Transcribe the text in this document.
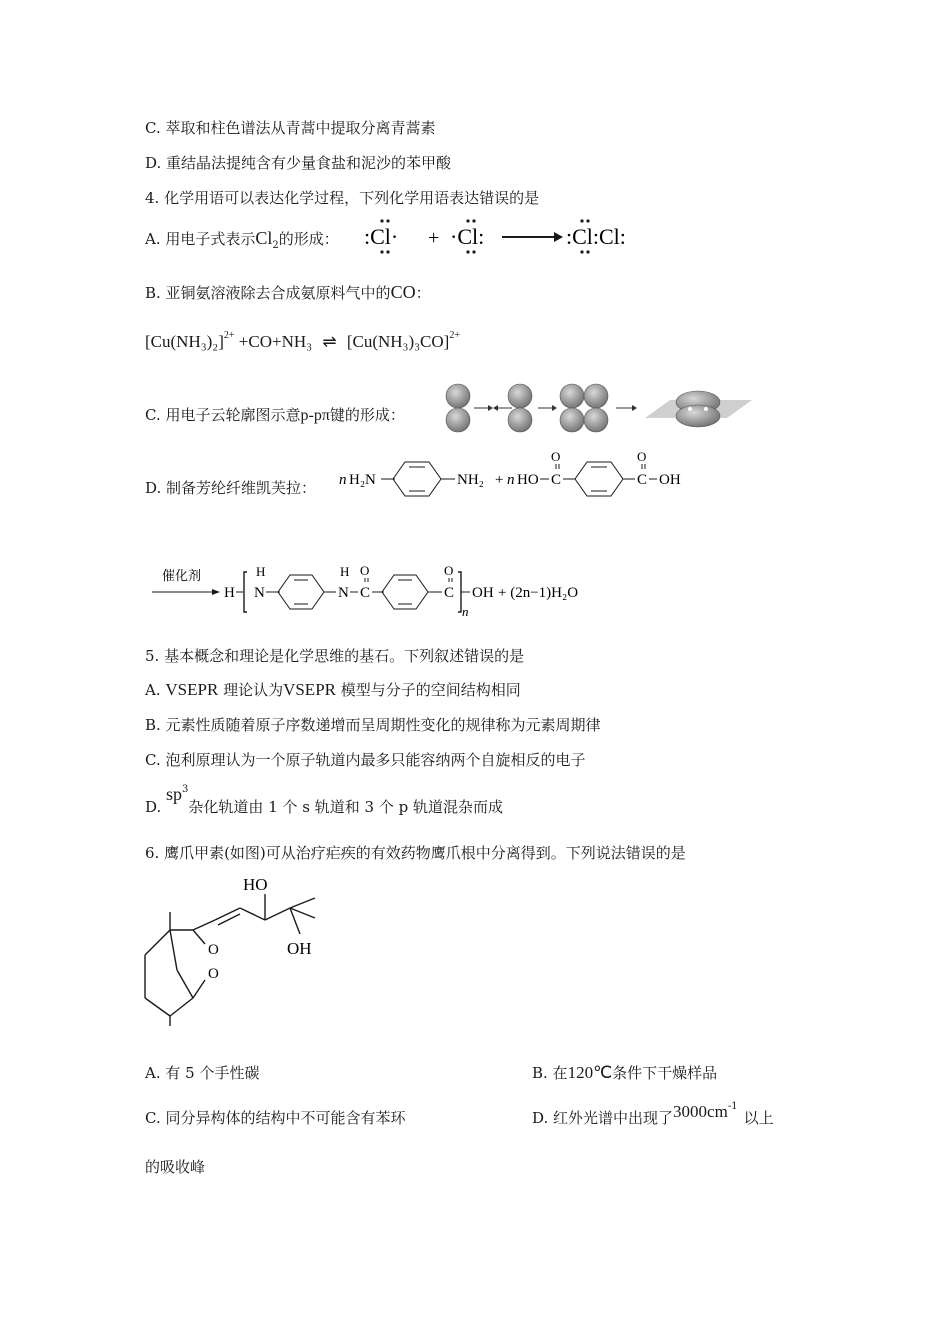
C. 萃取和柱色谱法从青蒿中提取分离青蒿素
D. 重结晶法提纯含有少量食盐和泥沙的苯甲酸
4. 化学用语可以表达化学过程，下列化学用语表达错误的是
A. 用电子式表示$Cl_2$的形成： :Cl· + ·Cl:	:Cl:Cl:
B. 亚铜氨溶液除去合成氨原料气中的CO：
$[Cu(NH_3)_2]^{2+} +CO+NH_3$ ⇌ $[Cu(NH_3)_3CO]^{2+}$
C. 用电子云轮廓图示意p-pπ键的形成：
D. 制备芳纶纤维凯芙拉： n H₂N	NH₂ + n HO C
O
C
O
OH
催化剂
H
H
N
H
N C
O
C
O
n
OH + (2n−1)H₂O
5. 基本概念和理论是化学思维的基石。下列叙述错误的是
A. VSEPR 理论认为VSEPR 模型与分子的空间结构相同
B. 元素性质随着原子序数递增而呈周期性变化的规律称为元素周期律
C. 泡利原理认为一个原子轨道内最多只能容纳两个自旋相反的电子
D. $sp^3$杂化轨道由 1 个 s 轨道和 3 个 p 轨道混杂而成
6. 鹰爪甲素(如图)可从治疗疟疾的有效药物鹰爪根中分离得到。下列说法错误的是
HO
OH
O
O
A. 有 5 个手性碳	B. 在120℃条件下干燥样品
C. 同分异构体的结构中不可能含有苯环	D. 红外光谱中出现了$3000cm^{-1}$以上
的吸收峰
